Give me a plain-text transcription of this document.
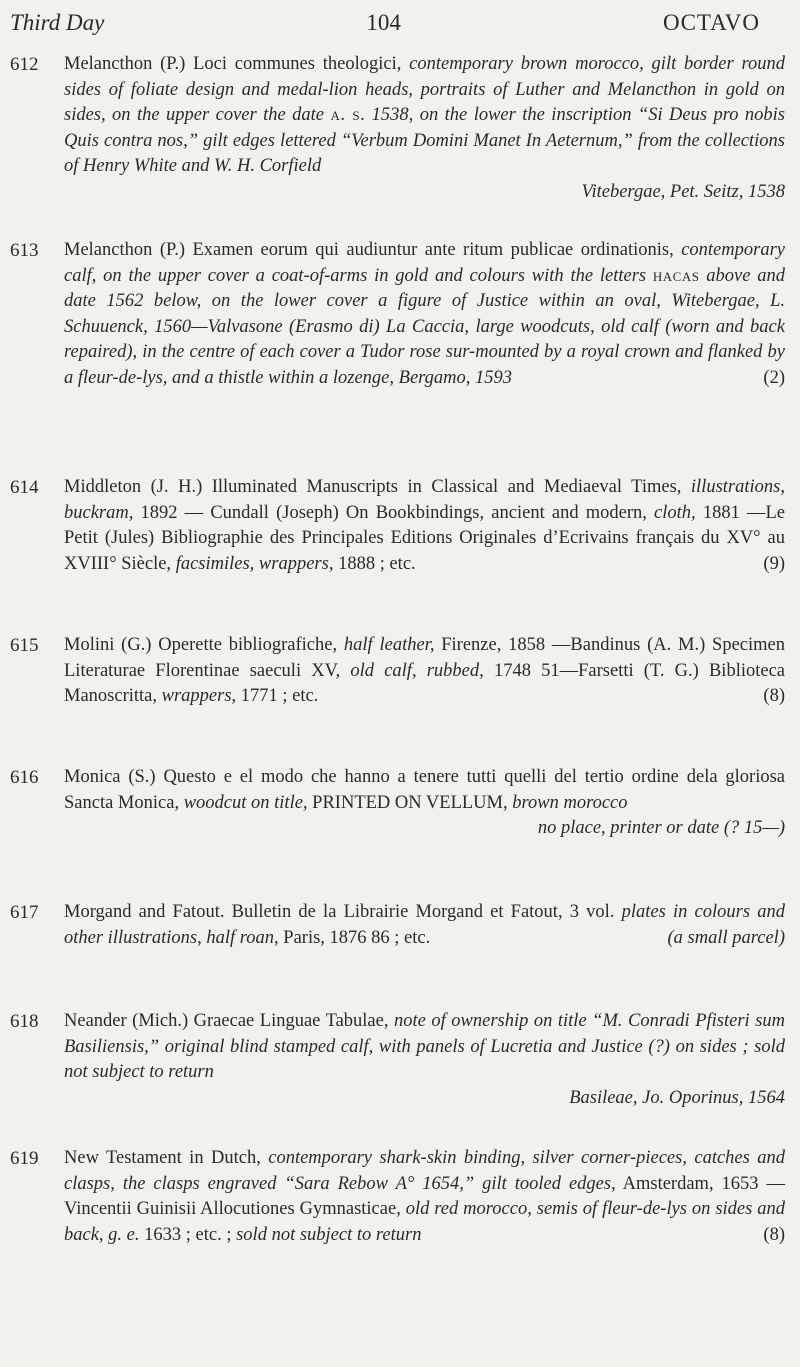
Third Day	104	OCTAVO
612	Melancthon (P.) Loci communes theologici, contemporary brown morocco, gilt border round sides of foliate design and medal-lion heads, portraits of Luther and Melancthon in gold on sides, on the upper cover the date a. s. 1538, on the lower the inscription “Si Deus pro nobis Quis contra nos,” gilt edges lettered “Verbum Domini Manet In Aeternum,” from the collections of Henry White and W. H. Corfield
Vitebergae, Pet. Seitz, 1538
613	Melancthon (P.) Examen eorum qui audiuntur ante ritum publicae ordinationis, contemporary calf, on the upper cover a coat-of-arms in gold and colours with the letters hacas above and date 1562 below, on the lower cover a figure of Justice within an oval, Witebergae, L. Schuuenck, 1560—Valvasone (Erasmo di) La Caccia, large woodcuts, old calf (worn and back repaired), in the centre of each cover a Tudor rose sur-mounted by a royal crown and flanked by a fleur-de-lys, and a thistle within a lozenge, Bergamo, 1593	(2)
614	Middleton (J. H.) Illuminated Manuscripts in Classical and Mediaeval Times, illustrations, buckram, 1892 — Cundall (Joseph) On Bookbindings, ancient and modern, cloth, 1881 —Le Petit (Jules) Bibliographie des Principales Editions Originales d’Ecrivains français du XV° au XVIII° Siècle, facsimiles, wrappers, 1888 ; etc.	(9)
615	Molini (G.) Operette bibliografiche, half leather, Firenze, 1858 —Bandinus (A. M.) Specimen Literaturae Florentinae saeculi XV, old calf, rubbed, 1748 51—Farsetti (T. G.) Biblioteca Manoscritta, wrappers, 1771 ; etc.	(8)
616	Monica (S.) Questo e el modo che hanno a tenere tutti quelli del tertio ordine dela gloriosa Sancta Monica, woodcut on title, PRINTED ON VELLUM, brown morocco
no place, printer or date (? 15—)
617	Morgand and Fatout. Bulletin de la Librairie Morgand et Fatout, 3 vol. plates in colours and other illustrations, half roan, Paris, 1876 86 ; etc.	(a small parcel)
618	Neander (Mich.) Graecae Linguae Tabulae, note of ownership on title “M. Conradi Pfisteri sum Basiliensis,” original blind stamped calf, with panels of Lucretia and Justice (?) on sides ; sold not subject to return
Basileae, Jo. Oporinus, 1564
619	New Testament in Dutch, contemporary shark-skin binding, silver corner-pieces, catches and clasps, the clasps engraved “Sara Rebow A° 1654,” gilt tooled edges, Amsterdam, 1653 — Vincentii Guinisii Allocutiones Gymnasticae, old red morocco, semis of fleur-de-lys on sides and back, g. e. 1633 ; etc. ; sold not subject to return	(8)
